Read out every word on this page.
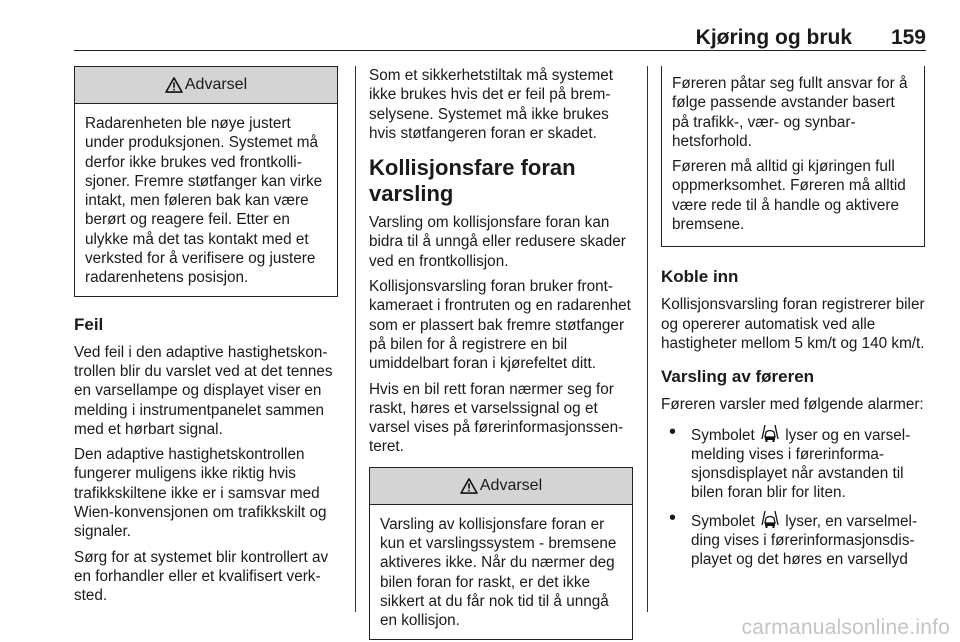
Kjøring og bruk 159
Advarsel
Radarenheten ble nøye justert under produksjonen. Systemet må derfor ikke brukes ved frontkollisjoner. Fremre støtfanger kan virke intakt, men føleren bak kan være berørt og reagere feil. Etter en ulykke må det tas kontakt med et verksted for å verifisere og justere radarenhetens posisjon.
Feil

Ved feil i den adaptive hastighetskontrollen blir du varslet ved at det tennes en varsellampe og displayet viser en melding i instrumentpanelet sammen med et hørbart signal.

Den adaptive hastighetskontrollen fungerer muligens ikke riktig hvis trafikkskiltene ikke er i samsvar med Wien-konvensjonen om trafikkskilt og signaler.

Sørg for at systemet blir kontrollert av en forhandler eller et kvalifisert verksted.

Som et sikkerhetstiltak må systemet ikke brukes hvis det er feil på bremselysene. Systemet må ikke brukes hvis støtfangeren foran er skadet.

Kollisjonsfare foran varsling

Varsling om kollisjonsfare foran kan bidra til å unngå eller redusere skader ved en frontkollisjon.

Kollisjonsvarsling foran bruker frontkameraet i frontruten og en radarenhet som er plassert bak fremre støtfanger på bilen for å registrere en bil umiddelbart foran i kjørefeltet ditt.

Hvis en bil rett foran nærmer seg for raskt, høres et varselssignal og et varsel vises på førerinformasjonssenteret.

Advarsel
Varsling av kollisjonsfare foran er kun et varslingssystem - bremsene aktiveres ikke. Når du nærmer deg bilen foran for raskt, er det ikke sikkert at du får nok tid til å unngå en kollisjon.

Føreren påtar seg fullt ansvar for å følge passende avstander basert på trafikk-, vær- og synbarhetsforhold.

Føreren må alltid gi kjøringen full oppmerksomhet. Føreren må alltid være rede til å handle og aktivere bremsene.

Koble inn

Kollisjonsvarsling foran registrerer biler og opererer automatisk ved alle hastigheter mellom 5 km/t og 140 km/t.

Varsling av føreren

Føreren varsler med følgende alarmer:

• Symbolet lyser og en varselmelding vises i førerinformasjonsdisplayet når avstanden til bilen foran blir for liten.
• Symbolet lyser, en varselmelding vises i førerinformasjonsdisplayet og det høres en varsellyd
carmanualsonline.info
